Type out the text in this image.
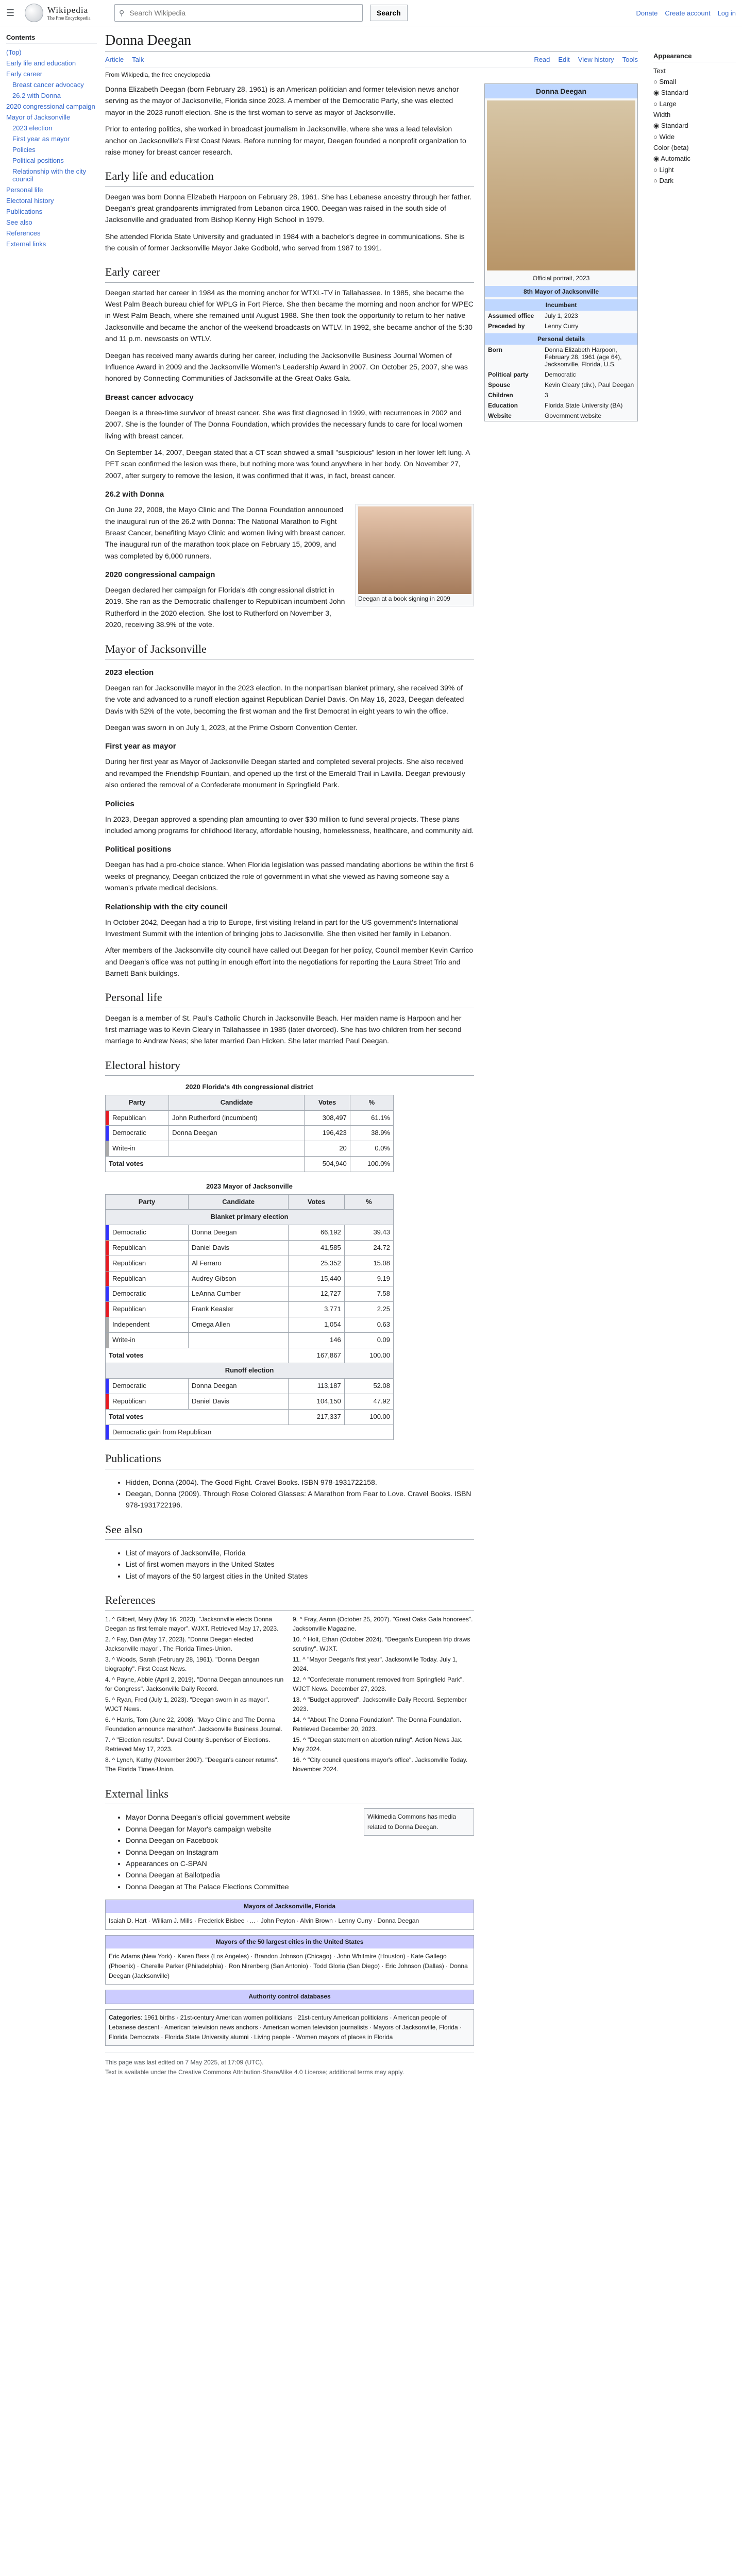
☰	Wikipedia
The Free Encyclopedia
⚲
Search Wikipedia	Search	Donate Create account Log in
Contents
(Top)
Early life and education
Early career
Breast cancer advocacy
26.2 with Donna
2020 congressional campaign
Mayor of Jacksonville
2023 election
First year as mayor
Policies
Political positions
Relationship with the city council
Personal life
Electoral history
Publications
See also
References
External links
Donna Deegan
Article Talk	Read Edit View history Tools
From Wikipedia, the free encyclopedia

Donna Elizabeth Deegan (born February 28, 1961) is an American politician and former television news anchor serving as the mayor of Jacksonville, Florida since 2023. A member of the Democratic Party, she was elected mayor in the 2023 runoff election. She is the first woman to serve as mayor of Jacksonville.

Prior to entering politics, she worked in broadcast journalism in Jacksonville, where she was a lead television anchor on Jacksonville's First Coast News. Before running for mayor, Deegan founded a nonprofit organization to raise money for breast cancer research.

Early life and education

Deegan was born Donna Elizabeth Harpoon on February 28, 1961. She has Lebanese ancestry through her father. Deegan's great grandparents immigrated from Lebanon circa 1900. Deegan was raised in the south side of Jacksonville and graduated from Bishop Kenny High School in 1979.

She attended Florida State University and graduated in 1984 with a bachelor's degree in communications. She is the cousin of former Jacksonville Mayor Jake Godbold, who served from 1987 to 1991.

Early career

Deegan started her career in 1984 as the morning anchor for WTXL-TV in Tallahassee. In 1985, she became the West Palm Beach bureau chief for WPLG in Fort Pierce. She then became the morning and noon anchor for WPEC in West Palm Beach, where she remained until August 1988. She then took the opportunity to return to her native Jacksonville and became the anchor of the weekend broadcasts on WTLV. In 1992, she became anchor of the 5:30 and 11 p.m. newscasts on WTLV.

Deegan has received many awards during her career, including the Jacksonville Business Journal Women of Influence Award in 2009 and the Jacksonville Women's Leadership Award in 2007. On October 25, 2007, she was honored by Connecting Communities of Jacksonville at the Great Oaks Gala.

Breast cancer advocacy

Deegan is a three-time survivor of breast cancer. She was first diagnosed in 1999, with recurrences in 2002 and 2007. She is the founder of The Donna Foundation, which provides the necessary funds to care for local women living with breast cancer.

On September 14, 2007, Deegan stated that a CT scan showed a small "suspicious" lesion in her lower left lung. A PET scan confirmed the lesion was there, but nothing more was found anywhere in her body. On November 27, 2007, after surgery to remove the lesion, it was confirmed that it was, in fact, breast cancer.

26.2 with Donna
Deegan at a book signing in 2009

On June 22, 2008, the Mayo Clinic and The Donna Foundation announced the inaugural run of the 26.2 with Donna: The National Marathon to Fight Breast Cancer, benefiting Mayo Clinic and women living with breast cancer. The inaugural run of the marathon took place on February 15, 2009, and was completed by 6,000 runners.

2020 congressional campaign

Deegan declared her campaign for Florida's 4th congressional district in 2019. She ran as the Democratic challenger to Republican incumbent John Rutherford in the 2020 election. She lost to Rutherford on November 3, 2020, receiving 38.9% of the vote.

Mayor of Jacksonville
2023 election

Deegan ran for Jacksonville mayor in the 2023 election. In the nonpartisan blanket primary, she received 39% of the vote and advanced to a runoff election against Republican Daniel Davis. On May 16, 2023, Deegan defeated Davis with 52% of the vote, becoming the first woman and the first Democrat in eight years to win the office.

Deegan was sworn in on July 1, 2023, at the Prime Osborn Convention Center.

First year as mayor

During her first year as Mayor of Jacksonville Deegan started and completed several projects. She also received and revamped the Friendship Fountain, and opened up the first of the Emerald Trail in Lavilla. Deegan previously also ordered the removal of a Confederate monument in Springfield Park.

Policies

In 2023, Deegan approved a spending plan amounting to over $30 million to fund several projects. These plans included among programs for childhood literacy, affordable housing, homelessness, healthcare, and community aid.

Political positions

Deegan has had a pro-choice stance. When Florida legislation was passed mandating abortions be within the first 6 weeks of pregnancy, Deegan criticized the role of government in what she viewed as having someone say a woman's private medical decisions.

Relationship with the city council

In October 2042, Deegan had a trip to Europe, first visiting Ireland in part for the US government's International Investment Summit with the intention of bringing jobs to Jacksonville. She then visited her family in Lebanon.

After members of the Jacksonville city council have called out Deegan for her policy, Council member Kevin Carrico and Deegan's office was not putting in enough effort into the negotiations for reporting the Laura Street Trio and Barnett Bank buildings.

Personal life

Deegan is a member of St. Paul's Catholic Church in Jacksonville Beach. Her maiden name is Harpoon and her first marriage was to Kevin Cleary in Tallahassee in 1985 (later divorced). She has two children from her second marriage to Andrew Neas; she later married Dan Hicken. She later married Paul Deegan.

Electoral history
2020 Florida's 4th congressional district
Party		Candidate	Votes	%
	Republican	John Rutherford (incumbent)	308,497	61.1%
	Democratic	Donna Deegan	196,423	38.9%
	Write-in		20	0.0%
Total votes			504,940	100.0%
2023 Mayor of Jacksonville
Party		Candidate	Votes	%
Blanket primary election				
	Democratic	Donna Deegan	66,192	39.43
	Republican	Daniel Davis	41,585	24.72
	Republican	Al Ferraro	25,352	15.08
	Republican	Audrey Gibson	15,440	9.19
	Democratic	LeAnna Cumber	12,727	7.58
	Republican	Frank Keasler	3,771	2.25
	Independent	Omega Allen	1,054	0.63
	Write-in		146	0.09
Total votes			167,867	100.00
Runoff election				
	Democratic	Donna Deegan	113,187	52.08
	Republican	Daniel Davis	104,150	47.92
Total votes			217,337	100.00
	Democratic gain from Republican			
Publications
• Hidden, Donna (2004). The Good Fight. Cravel Books. ISBN 978-1931722158.
• Deegan, Donna (2009). Through Rose Colored Glasses: A Marathon from Fear to Love. Cravel Books. ISBN 978-1931722196.
See also
• List of mayors of Jacksonville, Florida
• List of first women mayors in the United States
• List of mayors of the 50 largest cities in the United States
References
1. ^ Gilbert, Mary (May 16, 2023). "Jacksonville elects Donna Deegan as first female mayor". WJXT. Retrieved May 17, 2023.
2. ^ Fay, Dan (May 17, 2023). "Donna Deegan elected Jacksonville mayor". The Florida Times-Union.
3. ^ Woods, Sarah (February 28, 1961). "Donna Deegan biography". First Coast News.
4. ^ Payne, Abbie (April 2, 2019). "Donna Deegan announces run for Congress". Jacksonville Daily Record.
5. ^ Ryan, Fred (July 1, 2023). "Deegan sworn in as mayor". WJCT News.
6. ^ Harris, Tom (June 22, 2008). "Mayo Clinic and The Donna Foundation announce marathon". Jacksonville Business Journal.
7. ^ "Election results". Duval County Supervisor of Elections. Retrieved May 17, 2023.
8. ^ Lynch, Kathy (November 2007). "Deegan's cancer returns". The Florida Times-Union.
9. ^ Fray, Aaron (October 25, 2007). "Great Oaks Gala honorees". Jacksonville Magazine.
10. ^ Holt, Ethan (October 2024). "Deegan's European trip draws scrutiny". WJXT.
11. ^ "Mayor Deegan's first year". Jacksonville Today. July 1, 2024.
12. ^ "Confederate monument removed from Springfield Park". WJCT News. December 27, 2023.
13. ^ "Budget approved". Jacksonville Daily Record. September 2023.
14. ^ "About The Donna Foundation". The Donna Foundation. Retrieved December 20, 2023.
15. ^ "Deegan statement on abortion ruling". Action News Jax. May 2024.
16. ^ "City council questions mayor's office". Jacksonville Today. November 2024.
External links
Wikimedia Commons has media related to Donna Deegan.
• Mayor Donna Deegan's official government website
• Donna Deegan for Mayor's campaign website
• Donna Deegan on Facebook
• Donna Deegan on Instagram
• Appearances on C-SPAN
• Donna Deegan at Ballotpedia
• Donna Deegan at The Palace Elections Committee
Mayors of Jacksonville, Florida
Isaiah D. Hart · William J. Mills · Frederick Bisbee · ... · John Peyton · Alvin Brown · Lenny Curry · Donna Deegan
Mayors of the 50 largest cities in the United States
Eric Adams (New York) · Karen Bass (Los Angeles) · Brandon Johnson (Chicago) · John Whitmire (Houston) · Kate Gallego (Phoenix) · Cherelle Parker (Philadelphia) · Ron Nirenberg (San Antonio) · Todd Gloria (San Diego) · Eric Johnson (Dallas) · Donna Deegan (Jacksonville)
Authority control databases
Categories: 1961 births · 21st-century American women politicians · 21st-century American politicians · American people of Lebanese descent · American television news anchors · American women television journalists · Mayors of Jacksonville, Florida · Florida Democrats · Florida State University alumni · Living people · Women mayors of places in Florida
This page was last edited on 7 May 2025, at 17:09 (UTC).
Text is available under the Creative Commons Attribution-ShareAlike 4.0 License; additional terms may apply.
Donna Deegan
Official portrait, 2023
8th Mayor of Jacksonville
Incumbent
Assumed office	July 1, 2023
Preceded by	Lenny Curry
Personal details
Born	Donna Elizabeth Harpoon, February 28, 1961 (age 64), Jacksonville, Florida, U.S.
Political party	Democratic
Spouse	Kevin Cleary (div.), Paul Deegan
Children	3
Education	Florida State University (BA)
Website	Government website
Appearance
Text
○ Small
◉ Standard
○ Large
Width
◉ Standard
○ Wide
Color (beta)
◉ Automatic
○ Light
○ Dark
